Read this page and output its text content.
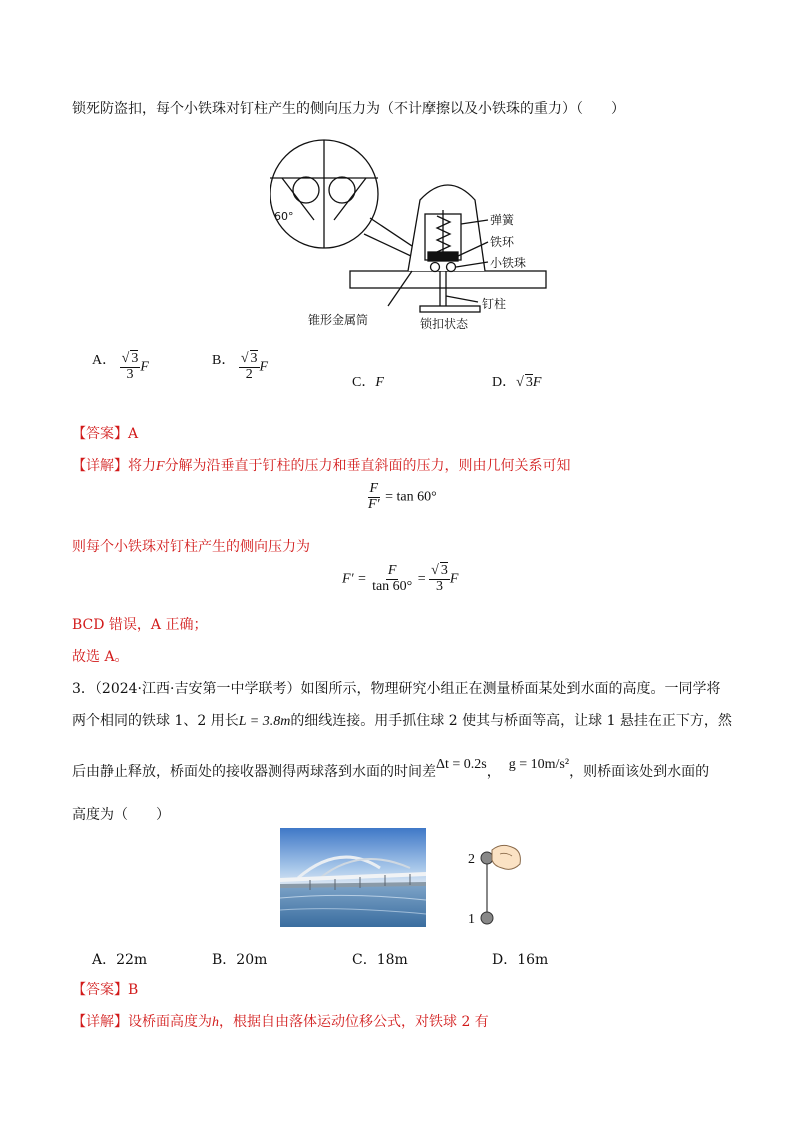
锁死防盗扣，每个小铁珠对钉柱产生的侧向压力为（不计摩擦以及小铁珠的重力）（　　）
60°	弹簧
铁环
小铁珠
钉柱
锥形金属筒	锁扣状态
A． $\frac{√ 3}{3}$ F	B． $\frac{√ 3}{2}$ F
C．F	D．√ 3F
【答案】A
【详解】将力F分解为沿垂直于钉柱的压力和垂直斜面的压力，则由几何关系可知
$\frac{F}{F'} = \tan 60^\circ$
则每个小铁珠对钉柱产生的侧向压力为
$F' = \frac{F}{\tan 60^\circ} = \frac{√ 3}{3}$ F
BCD 错误，A 正确；
故选 A。
3．（2024·江西·吉安第一中学联考）如图所示，物理研究小组正在测量桥面某处到水面的高度。一同学将
两个相同的铁球 1、2 用长L = 3.8m的细线连接。用手抓住球 2 使其与桥面等高，让球 1 悬挂在正下方，然
后由静止释放，桥面处的接收器测得两球落到水面的时间差Δt = 0.2s， g = 10m/s²，则桥面该处到水面的
高度为（　　）
2
1
A．22m	B．20m	C．18m	D．16m
【答案】B
【详解】设桥面高度为h，根据自由落体运动位移公式，对铁球 2 有
